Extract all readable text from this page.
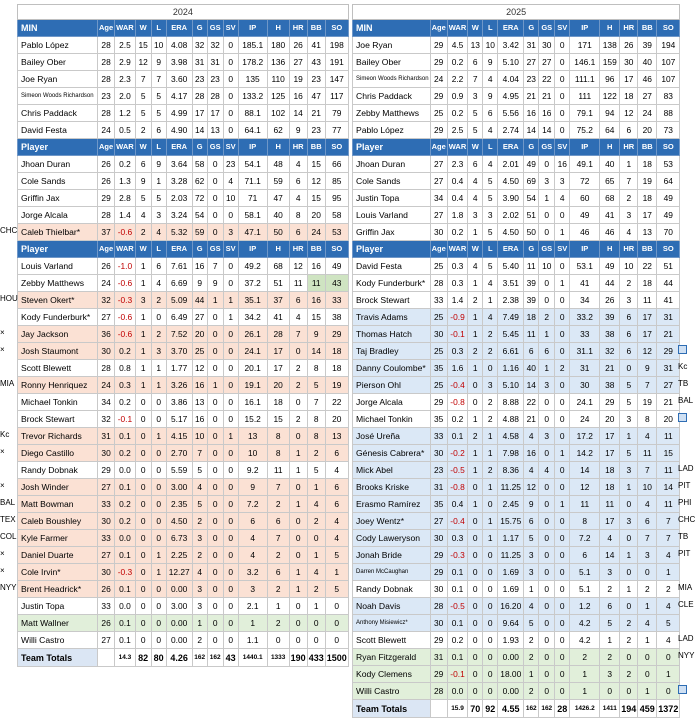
2024													
MIN	Age	WAR	W	L	ERA	G	GS	SV	IP	H	HR	BB	SO
Pablo López	28	2.5	15	10	4.08	32	32	0	185.1	180	26	41	198
Bailey Ober	28	2.9	12	9	3.98	31	31	0	178.2	136	27	43	191
Joe Ryan	28	2.3	7	7	3.60	23	23	0	135	110	19	23	147
Simeon Woods Richardson	23	2.0	5	5	4.17	28	28	0	133.2	125	16	47	117
Chris Paddack	28	1.2	5	5	4.99	17	17	0	88.1	102	14	21	79
David Festa	24	0.5	2	6	4.90	14	13	0	64.1	62	9	23	77
Player	Age	WAR	W	L	ERA	G	GS	SV	IP	H	HR	BB	SO
Jhoan Duran	26	0.2	6	9	3.64	58	0	23	54.1	48	4	15	66
Cole Sands	26	1.3	9	1	3.28	62	0	4	71.1	59	6	12	85
Griffin Jax	29	2.8	5	5	2.03	72	0	10	71	47	4	15	95
Jorge Alcala	28	1.4	4	3	3.24	54	0	0	58.1	40	8	20	58
Caleb Thielbar*	37	-0.6	2	4	5.32	59	0	3	47.1	50	6	24	53
Player	Age	WAR	W	L	ERA	G	GS	SV	IP	H	HR	BB	SO
Louis Varland	26	-1.0	1	6	7.61	16	7	0	49.2	68	12	16	49
Zebby Matthews	24	-0.6	1	4	6.69	9	9	0	37.2	51	11	11	43
Steven Okert*	32	-0.3	3	2	5.09	44	1	1	35.1	37	6	16	33
Kody Funderburk*	27	-0.6	1	0	6.49	27	0	1	34.2	41	4	15	38
Jay Jackson	36	-0.6	1	2	7.52	20	0	0	26.1	28	7	9	29
Josh Staumont	30	0.2	1	3	3.70	25	0	0	24.1	17	0	14	18
Scott Blewett	28	0.8	1	1	1.77	12	0	0	20.1	17	2	8	18
Ronny Henriquez	24	0.3	1	1	3.26	16	1	0	19.1	20	2	5	19
Michael Tonkin	34	0.2	0	0	3.86	13	0	0	16.1	18	0	7	22
Brock Stewart	32	-0.1	0	0	5.17	16	0	0	15.2	15	2	8	20
Trevor Richards	31	0.1	0	1	4.15	10	0	1	13	8	0	8	13
Diego Castillo	30	0.2	0	0	2.70	7	0	0	10	8	1	2	6
Randy Dobnak	29	0.0	0	0	5.59	5	0	0	9.2	11	1	5	4
Josh Winder	27	0.1	0	0	3.00	4	0	0	9	7	0	1	6
Matt Bowman	33	0.2	0	0	2.35	5	0	0	7.2	2	1	4	6
Caleb Boushley	30	0.2	0	0	4.50	2	0	0	6	6	0	2	4
Kyle Farmer	33	0.0	0	0	6.73	3	0	0	4	7	0	0	4
Daniel Duarte	27	0.1	0	1	2.25	2	0	0	4	2	0	1	5
Cole Irvin*	30	-0.3	0	1	12.27	4	0	0	3.2	6	1	4	1
Brent Headrick*	26	0.1	0	0	0.00	3	0	0	3	2	1	2	5
Justin Topa	33	0.0	0	0	3.00	3	0	0	2.1	1	0	1	0
Matt Wallner	26	0.1	0	0	0.00	1	0	0	1	2	0	0	0
Willi Castro	27	0.1	0	0	0.00	2	0	0	1.1	0	0	0	0
Team Totals		14.3	82	80	4.26	162	162	43	1440.1	1333	190	433	1500
2025													
MIN	Age	WAR	W	L	ERA	G	GS	SV	IP	H	HR	BB	SO
Joe Ryan	29	4.5	13	10	3.42	31	30	0	171	138	26	39	194
Bailey Ober	29	0.2	6	9	5.10	27	27	0	146.1	159	30	40	107
Simeon Woods Richardson	24	2.2	7	4	4.04	23	22	0	111.1	96	17	46	107
Chris Paddack	29	0.9	3	9	4.95	21	21	0	111	122	18	27	83
Zebby Matthews	25	0.2	5	6	5.56	16	16	0	79.1	94	12	24	88
Pablo López	29	2.5	5	4	2.74	14	14	0	75.2	64	6	20	73
Player	Age	WAR	W	L	ERA	G	GS	SV	IP	H	HR	BB	SO
Jhoan Duran	27	2.3	6	4	2.01	49	0	16	49.1	40	1	18	53
Cole Sands	27	0.4	4	5	4.50	69	3	3	72	65	7	19	64
Justin Topa	34	0.4	4	5	3.90	54	1	4	60	68	2	18	49
Louis Varland	27	1.8	3	3	2.02	51	0	0	49	41	3	17	49
Griffin Jax	30	0.2	1	5	4.50	50	0	1	46	46	4	13	70
Player	Age	WAR	W	L	ERA	G	GS	SV	IP	H	HR	BB	SO
David Festa	25	0.3	4	5	5.40	11	10	0	53.1	49	10	22	51
Kody Funderburk*	28	0.3	1	4	3.51	39	0	1	41	44	2	18	44
Brock Stewart	33	1.4	2	1	2.38	39	0	0	34	26	3	11	41
Travis Adams	25	-0.9	1	4	7.49	18	2	0	33.2	39	6	17	31
Thomas Hatch	30	-0.1	1	2	5.45	11	1	0	33	38	6	17	21
Taj Bradley	25	0.3	2	2	6.61	6	6	0	31.1	32	6	12	29
Danny Coulombe*	35	1.6	1	0	1.16	40	1	2	31	21	0	9	31
Pierson Ohl	25	-0.4	0	3	5.10	14	3	0	30	38	5	7	27
Jorge Alcala	29	-0.8	0	2	8.88	22	0	0	24.1	29	5	19	21
Michael Tonkin	35	0.2	1	2	4.88	21	0	0	24	20	3	8	20
José Ureña	33	0.1	2	1	4.58	4	3	0	17.2	17	1	4	11
Génesis Cabrera*	30	-0.2	1	1	7.98	16	0	1	14.2	17	5	11	15
Mick Abel	23	-0.5	1	2	8.36	4	4	0	14	18	3	7	11
Brooks Kriske	31	-0.8	0	1	11.25	12	0	0	12	18	1	10	14
Erasmo Ramírez	35	0.4	1	0	2.45	9	0	1	11	11	0	4	11
Joey Wentz*	27	-0.4	0	1	15.75	6	0	0	8	17	3	6	7
Cody Lawerys​on	30	0.3	0	1	1.17	5	0	0	7.2	4	0	7	7
Jonah Bride	29	-0.3	0	0	11.25	3	0	0	6	14	1	3	4
Darren McCaughan	29	0.1	0	0	1.69	3	0	0	5.1	3	0	0	1
Randy Dobnak	30	0.1	0	0	1.69	1	0	0	5.1	2	1	2	2
Noah Davis	28	-0.5	0	0	16.20	4	0	0	1.2	6	0	1	4
Anthony Misiewicz*	30	0.1	0	0	9.64	5	0	0	4.2	5	2	4	5
Scott Blewett	29	0.2	0	0	1.93	2	0	0	4.2	1	2	1	4
Ryan Fitzgerald	31	0.1	0	0	0.00	2	0	0	2	2	0	0	0
Kody Clemens	29	-0.1	0	0	18.00	1	0	0	1	3	2	0	1
Willi Castro	28	0.0	0	0	0.00	2	0	0	1	0	0	1	0
Team Totals		15.9	70	92	4.55	162	162	28	1426.2	1411	194	459	1372
CHC
HOU
×
×
MIA
Kc
×
×
BAL
TEX
COL
×
×
NYY
Kc
TB
BAL
LAD
PIT
PHI
CHC
TB
PIT
MIA
CLE
LAD
NYY
